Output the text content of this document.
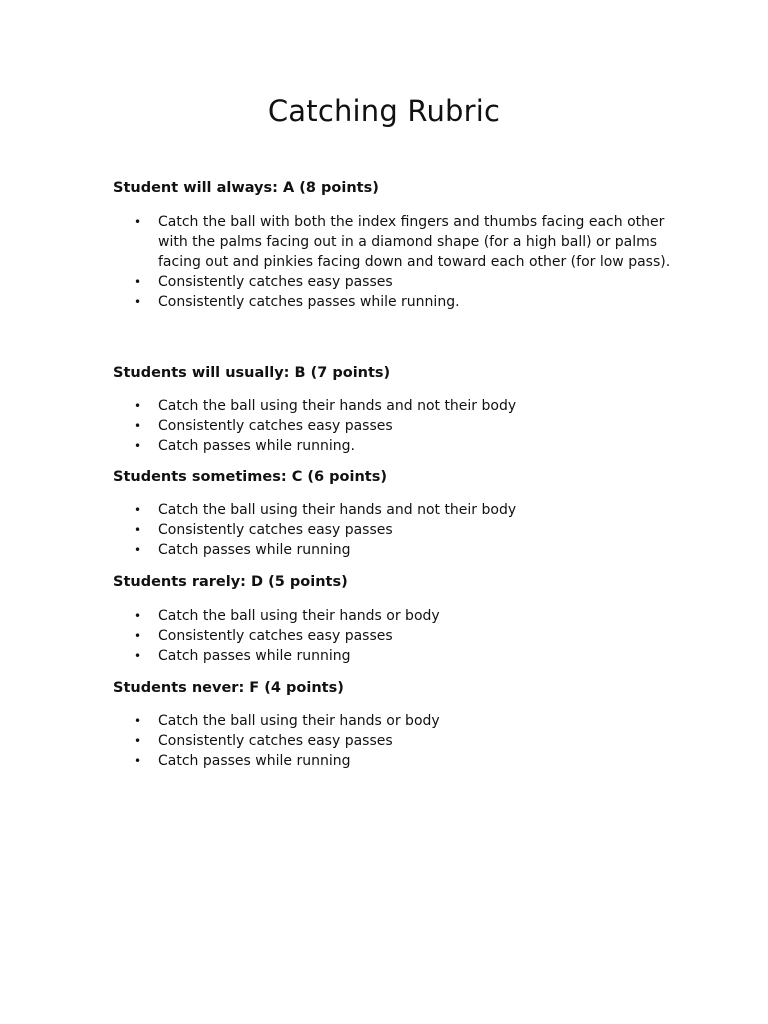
Catching Rubric

Student will always: A (8 points)

• Catch the ball with both the index fingers and thumbs facing each other with the palms facing out in a diamond shape (for a high ball) or palms facing out and pinkies facing down and toward each other (for low pass).
• Consistently catches easy passes
• Consistently catches passes while running.

Students will usually: B (7 points)

• Catch the ball using their hands and not their body
• Consistently catches easy passes
• Catch passes while running.

Students sometimes: C (6 points)

• Catch the ball using their hands and not their body
• Consistently catches easy passes
• Catch passes while running

Students rarely: D (5 points)

• Catch the ball using their hands or body
• Consistently catches easy passes
• Catch passes while running

Students never: F (4 points)

• Catch the ball using their hands or body
• Consistently catches easy passes
• Catch passes while running
